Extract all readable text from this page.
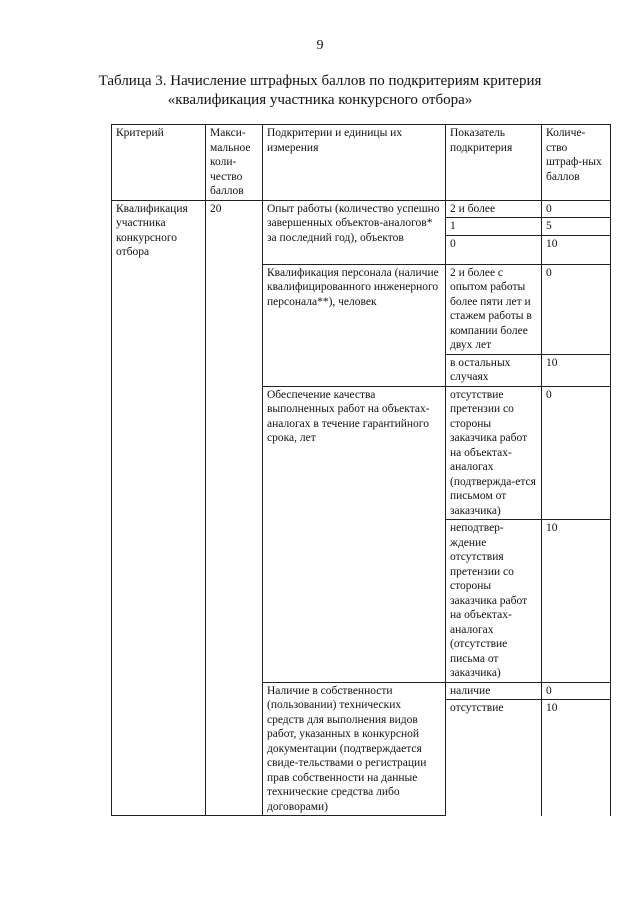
9
Таблица 3. Начисление штрафных баллов по подкритериям критерия
«квалификация участника конкурсного отбора»
Критерий	Макси-мальное коли-чество баллов	Подкритерии и единицы их измерения	Показатель подкритерия	Количе-ство штраф-ных баллов
Квалификация участника конкурсного отбора	20	Опыт работы (количество успешно завершенных объектов-аналогов* за последний год), объектов	2 и более	0
			1	5
			0	10
		Квалификация персонала (наличие квалифицированного инженерного персонала**), человек	2 и более с опытом работы более пяти лет и стажем работы в компании более двух лет	0
			в остальных случаях	10
		Обеспечение качества выполненных работ на объектах-аналогах в течение гарантийного срока, лет	отсутствие претензии со стороны заказчика работ на объектах-аналогах (подтвержда-ется письмом от заказчика)	0
			неподтвер-ждение отсутствия претензии со стороны заказчика работ на объектах-аналогах (отсутствие письма от заказчика)	10
		Наличие в собственности (пользовании) технических средств для выполнения видов работ, указанных в конкурсной документации (подтверждается свиде-тельствами о регистрации прав собственности на данные технические средства либо договорами)	наличие	0
			отсутствие	10
